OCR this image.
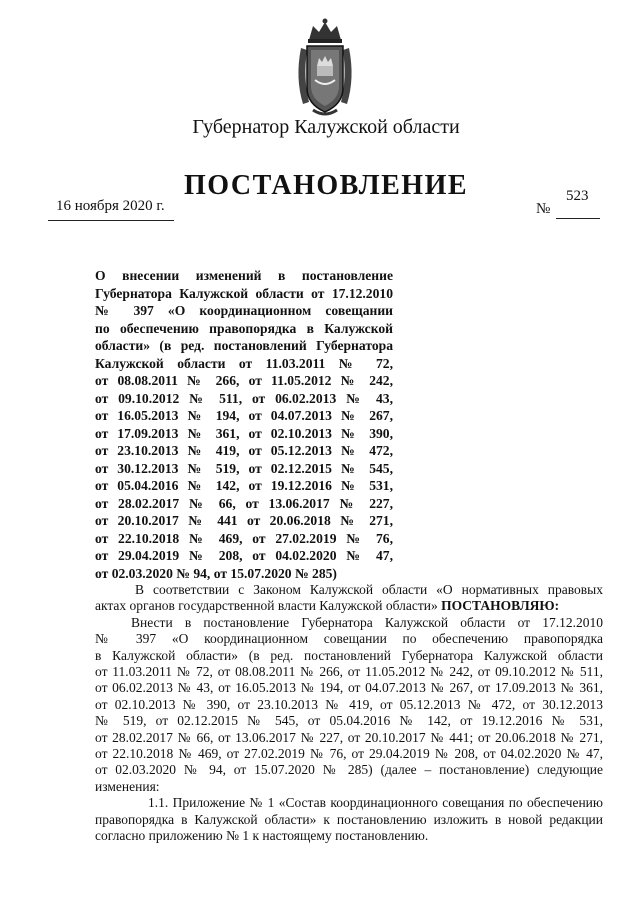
Губернатор Калужской области
ПОСТАНОВЛЕНИЕ
16 ноября 2020 г.	№
523
О внесении изменений в постановление
Губернатора Калужской области от 17.12.2010
№ 397 «О координационном совещании
по обеспечению правопорядка в Калужской
области» (в ред. постановлений Губернатора
Калужской области от 11.03.2011 № 72,
от 08.08.2011 № 266, от 11.05.2012 № 242,
от 09.10.2012 № 511, от 06.02.2013 № 43,
от 16.05.2013 № 194, от 04.07.2013 № 267,
от 17.09.2013 № 361, от 02.10.2013 № 390,
от 23.10.2013 № 419, от 05.12.2013 № 472,
от 30.12.2013 № 519, от 02.12.2015 № 545,
от 05.04.2016 № 142, от 19.12.2016 № 531,
от 28.02.2017 № 66, от 13.06.2017 № 227,
от 20.10.2017 № 441 от 20.06.2018 № 271,
от 22.10.2018 № 469, от 27.02.2019 № 76,
от 29.04.2019 № 208, от 04.02.2020 № 47,
от 02.03.2020 № 94, от 15.07.2020 № 285)
В соответствии с Законом Калужской области «О нормативных правовых
актах органов государственной власти Калужской области» ПОСТАНОВЛЯЮ:
Внести в постановление Губернатора Калужской области от 17.12.2010
№ 397 «О координационном совещании по обеспечению правопорядка
в Калужской области» (в ред. постановлений Губернатора Калужской области
от 11.03.2011 № 72, от 08.08.2011 № 266, от 11.05.2012 № 242, от 09.10.2012 № 511,
от 06.02.2013 № 43, от 16.05.2013 № 194, от 04.07.2013 № 267, от 17.09.2013 № 361,
от 02.10.2013 № 390, от 23.10.2013 № 419, от 05.12.2013 № 472, от 30.12.2013
№ 519, от 02.12.2015 № 545, от 05.04.2016 № 142, от 19.12.2016 № 531,
от 28.02.2017 № 66, от 13.06.2017 № 227, от 20.10.2017 № 441; от 20.06.2018 № 271,
от 22.10.2018 № 469, от 27.02.2019 № 76, от 29.04.2019 № 208, от 04.02.2020 № 47,
от 02.03.2020 № 94, от 15.07.2020 № 285) (далее – постановление) следующие
изменения:
1.1. Приложение № 1 «Состав координационного совещания по обеспечению
правопорядка в Калужской области» к постановлению изложить в новой редакции
согласно приложению № 1 к настоящему постановлению.
